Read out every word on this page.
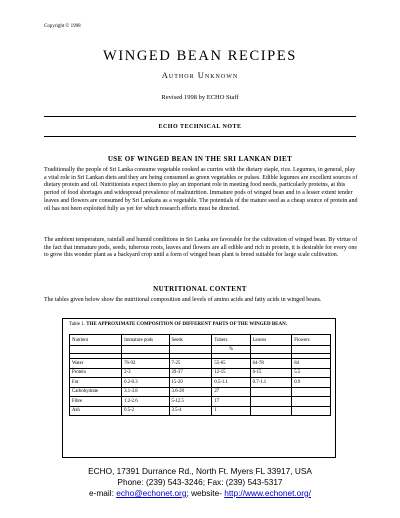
Copyright © 1998
WINGED BEAN RECIPES
Author Unknown
Revised 1998 by ECHO Staff
ECHO TECHNICAL NOTE
USE OF WINGED BEAN IN THE SRI LANKAN DIET
Traditionally the people of Sri Lanka consume vegetable cooked as curries with the dietary staple, rice. Legumes, in general, play a vital role in Sri Lankan diets and they are being consumed as green vegetables or pulses. Edible legumes are excellent sources of dietary protein and oil. Nutritionists expect them to play an important role in meeting food needs, particularly proteins, at this period of food shortages and widespread prevalence of malnutrition. Immature pods of winged bean and to a lesser extent tender leaves and flowers are consumed by Sri Lankans as a vegetable. The potentials of the mature seed as a cheap source of protein and oil has not been exploited fully as yet for which research efforts must be directed.
The ambient temperature, rainfall and humid conditions in Sri Lanka are favorable for the cultivation of winged bean. By virtue of the fact that immature pods, seeds, tuberous roots, leaves and flowers are all edible and rich in protein, it is desirable for every one to grow this wonder plant as a backyard crop until a form of winged bean plant is breed suitable for large scale cultivation.
NUTRITIONAL CONTENT
The tables given below show the nutritional composition and levels of amino acids and fatty acids in winged beans.
Table 1. THE APPROXIMATE COMPOSITION OF DIFFERENT PARTS OF THE WINGED BEAN.
Nutrient	Immature pods	Seeds	Tubers	Leaves	Flowers
			%		

Water	76-92	7-25	55-65	64-78	84
Protein	2-3	29-37	12-15	6-15	5.5
Fat	0.2-0.3	15-20	0.5-1.1	0.7-1.1	0.9
Carbohydrate	3.1-3.8	3.6-28	27		
Fibre	1.2-2.6	5-12.5	17		
Ash	0.5-2	3.5-4	1		
ECHO, 17391 Durrance Rd., North Ft. Myers FL 33917, USA
Phone: (239) 543-3246; Fax: (239) 543-5317
e-mail: echo@echonet.org; website- http://www.echonet.org/
